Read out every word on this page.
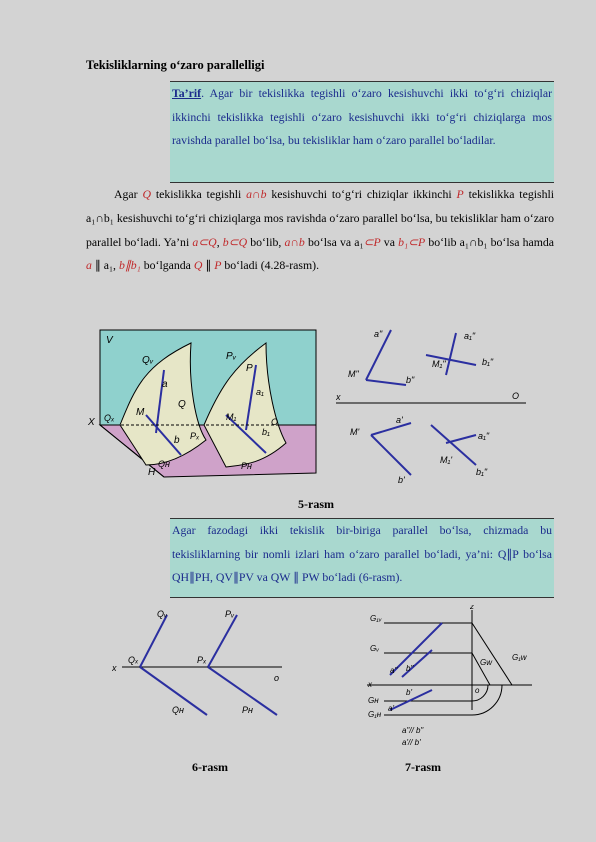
Tekisliklarning o‘zaro parallelligi
Ta’rif. Agar bir tekislikka tegishli o‘zaro kesishuvchi ikki to‘g‘ri chiziqlar ikkinchi tekislikka tegishli o‘zaro kesishuvchi ikki to‘g‘ri chiziqlarga mos ravishda parallel bo‘lsa, bu tekisliklar ham o‘zaro parallel bo‘ladilar.

Agar Q tekislikka tegishli a∩b kesishuvchi to‘g‘ri chiziqlar ikkinchi P tekislikka tegishli a₁∩b₁ kesishuvchi to‘g‘ri chiziqlarga mos ravishda o‘zaro parallel bo‘lsa, bu tekisliklar ham o‘zaro parallel bo‘ladi. Ya’ni a⊂Q, b⊂Q bo‘lib, a∩b bo‘lsa va a₁⊂P va b₁⊂P bo‘lib a₁∩b₁ bo‘lsa hamda a ∥ a₁, b∥b₁ bo‘lganda Q ∥ P bo‘ladi (4.28-rasm).

V
H
X
Qᵥ	Pᵥ
Q
P
a
b
M
Qₓ
Pₓ
Qн	Pн
a₁
b₁
M₁	O
a"
b"
M"
a₁"
b₁"
M₁"
x	O
a'
b'
M'	a₁"
b₁"
M₁'
5-rasm
Agar fazodagi ikki tekislik bir-biriga parallel bo‘lsa, chizmada bu tekisliklarning bir nomli izlari ham o‘zaro parallel bo‘ladi, ya’ni: Q∥P bo‘lsa QH∥PH, QV∥PV va QW ∥ PW bo‘ladi (6-rasm).
Qᵥ	Pᵥ
Qₓ	Pₓ
Qн	Pн
x
o
G₁ᵥ
Gᵥ
z
Gw
G₁w
a" b"
x
o
Gн
G₁н
b'
a'
a"// b"
a'// b'
6-rasm	7-rasm
